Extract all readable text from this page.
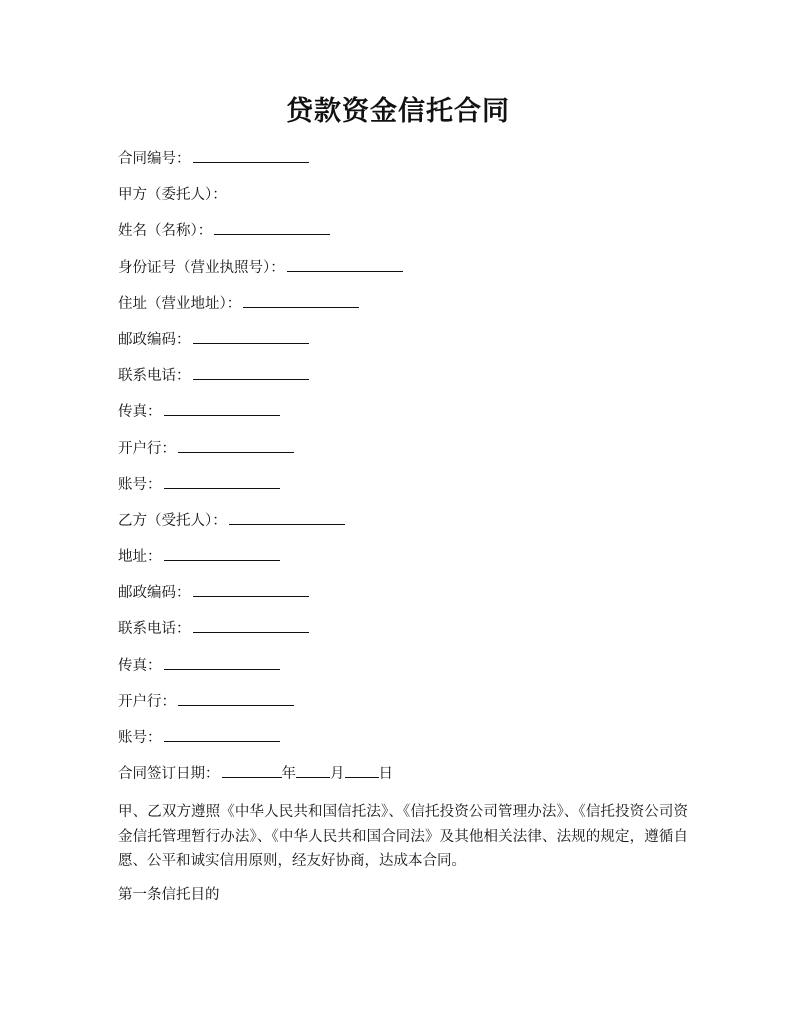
贷款资金信托合同
合同编号：
甲方（委托人）：
姓名（名称）：
身份证号（营业执照号）：
住址（营业地址）：
邮政编码：
联系电话：
传真：
开户行：
账号：
乙方（受托人）：
地址：
邮政编码：
联系电话：
传真：
开户行：
账号：
合同签订日期：	年 月 日

甲、乙双方遵照《中华人民共和国信托法》、《信托投资公司管理办法》、《信托投资公司资金信托管理暂行办法》、《中华人民共和国合同法》及其他相关法律、法规的规定，遵循自愿、公平和诚实信用原则，经友好协商，达成本合同。

第一条信托目的
